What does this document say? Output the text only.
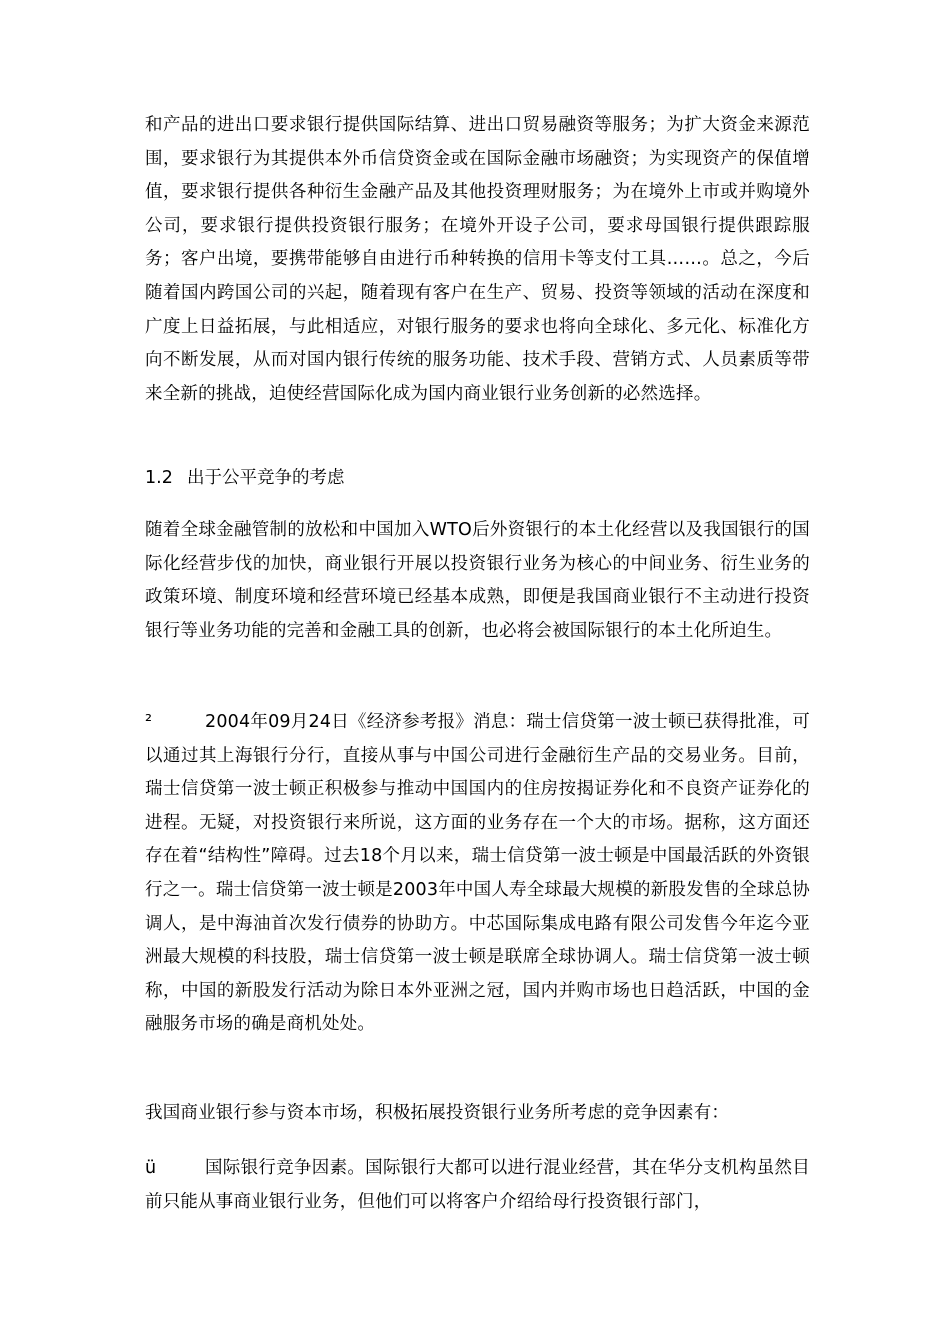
和产品的进出口要求银行提供国际结算、进出口贸易融资等服务；为扩大资金来源范围，要求银行为其提供本外币信贷资金或在国际金融市场融资；为实现资产的保值增值，要求银行提供各种衍生金融产品及其他投资理财服务；为在境外上市或并购境外公司，要求银行提供投资银行服务；在境外开设子公司，要求母国银行提供跟踪服务；客户出境，要携带能够自由进行币种转换的信用卡等支付工具……。总之，今后随着国内跨国公司的兴起，随着现有客户在生产、贸易、投资等领域的活动在深度和广度上日益拓展，与此相适应，对银行服务的要求也将向全球化、多元化、标准化方向不断发展，从而对国内银行传统的服务功能、技术手段、营销方式、人员素质等带来全新的挑战，迫使经营国际化成为国内商业银行业务创新的必然选择。

1.2 出于公平竞争的考虑

随着全球金融管制的放松和中国加入WTO后外资银行的本土化经营以及我国银行的国际化经营步伐的加快，商业银行开展以投资银行业务为核心的中间业务、衍生业务的政策环境、制度环境和经营环境已经基本成熟，即便是我国商业银行不主动进行投资银行等业务功能的完善和金融工具的创新，也必将会被国际银行的本土化所迫生。

²	2004年09月24日《经济参考报》消息：瑞士信贷第一波士顿已获得批准，可以通过其上海银行分行，直接从事与中国公司进行金融衍生产品的交易业务。目前，瑞士信贷第一波士顿正积极参与推动中国国内的住房按揭证券化和不良资产证券化的进程。无疑，对投资银行来所说，这方面的业务存在一个大的市场。据称，这方面还存在着“结构性”障碍。过去18个月以来，瑞士信贷第一波士顿是中国最活跃的外资银行之一。瑞士信贷第一波士顿是2003年中国人寿全球最大规模的新股发售的全球总协调人，是中海油首次发行债券的协助方。中芯国际集成电路有限公司发售今年迄今亚洲最大规模的科技股，瑞士信贷第一波士顿是联席全球协调人。瑞士信贷第一波士顿称，中国的新股发行活动为除日本外亚洲之冠，国内并购市场也日趋活跃，中国的金融服务市场的确是商机处处。

我国商业银行参与资本市场，积极拓展投资银行业务所考虑的竞争因素有：

ü	国际银行竞争因素。国际银行大都可以进行混业经营，其在华分支机构虽然目前只能从事商业银行业务，但他们可以将客户介绍给母行投资银行部门，
